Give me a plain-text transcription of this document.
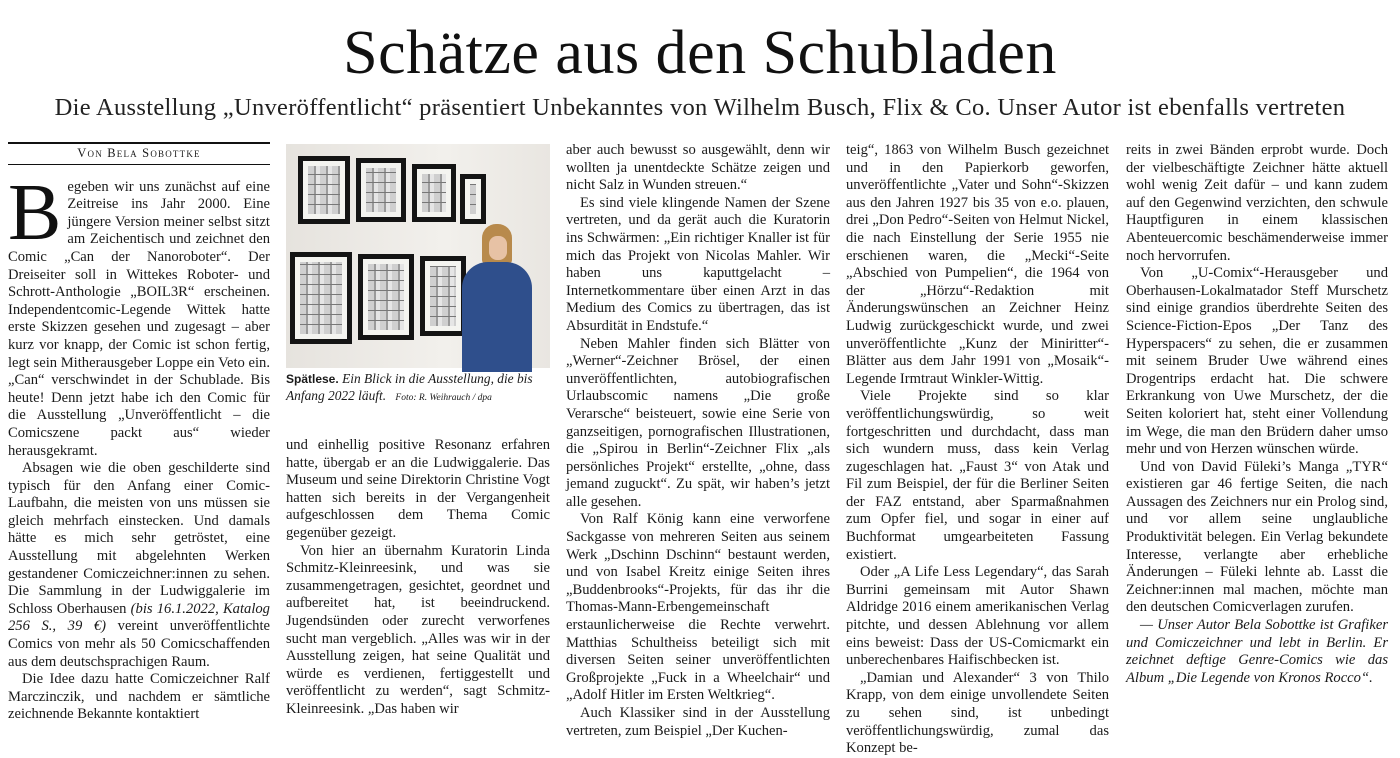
Schätze aus den Schubladen
Die Ausstellung „Unveröffentlicht“ präsentiert Unbekanntes von Wilhelm Busch, Flix & Co. Unser Autor ist ebenfalls vertreten
Von Bela Sobottke

Begeben wir uns zunächst auf eine Zeitreise ins Jahr 2000. Eine jüngere Version meiner selbst sitzt am Zeichentisch und zeichnet den Comic „Can der Nanoroboter“. Der Dreiseiter soll in Wittekes Roboter- und Schrott-Anthologie „BOIL3R“ erscheinen. Independentcomic-Legende Wittek hatte erste Skizzen gesehen und zugesagt – aber kurz vor knapp, der Comic ist schon fertig, legt sein Mitherausgeber Loppe ein Veto ein. „Can“ verschwindet in der Schublade. Bis heute! Denn jetzt habe ich den Comic für die Ausstellung „Unveröffentlicht – die Comicszene packt aus“ wieder herausgekramt.

Absagen wie die oben geschilderte sind typisch für den Anfang einer Comic-Laufbahn, die meisten von uns müssen sie gleich mehrfach einstecken. Und damals hätte es mich sehr getröstet, eine Ausstellung mit abgelehnten Werken gestandener Comiczeichner:innen zu sehen. Die Sammlung in der Ludwiggalerie im Schloss Oberhausen (bis 16.1.2022, Katalog 256 S., 39 €) vereint unveröffentlichte Comics von mehr als 50 Comicschaffenden aus dem deutschsprachigen Raum.

Die Idee dazu hatte Comiczeichner Ralf Marczinczik, und nachdem er sämtliche zeichnende Bekannte kontaktiert

Spätlese. Ein Blick in die Ausstellung, die bis Anfang 2022 läuft. Foto: R. Weihrauch / dpa

und einhellig positive Resonanz erfahren hatte, übergab er an die Ludwiggalerie. Das Museum und seine Direktorin Christine Vogt hatten sich bereits in der Vergangenheit aufgeschlossen dem Thema Comic gegenüber gezeigt.

Von hier an übernahm Kuratorin Linda Schmitz-Kleinreesink, und was sie zusammengetragen, gesichtet, geordnet und aufbereitet hat, ist beeindruckend. Jugendsünden oder zurecht verworfenes sucht man vergeblich. „Alles was wir in der Ausstellung zeigen, hat seine Qualität und würde es verdienen, fertiggestellt und veröffentlicht zu werden“, sagt Schmitz-Kleinreesink. „Das haben wir

aber auch bewusst so ausgewählt, denn wir wollten ja unentdeckte Schätze zeigen und nicht Salz in Wunden streuen.“

Es sind viele klingende Namen der Szene vertreten, und da gerät auch die Kuratorin ins Schwärmen: „Ein richtiger Knaller ist für mich das Projekt von Nicolas Mahler. Wir haben uns kaputtgelacht – Internetkommentare über einen Arzt in das Medium des Comics zu übertragen, das ist Absurdität in Endstufe.“

Neben Mahler finden sich Blätter von „Werner“-Zeichner Brösel, der einen unveröffentlichten, autobiografischen Urlaubscomic namens „Die große Verarsche“ beisteuert, sowie eine Serie von ganzseitigen, pornografischen Illustrationen, die „Spirou in Berlin“-Zeichner Flix „als persönliches Projekt“ erstellte, „ohne, dass jemand zuguckt“. Zu spät, wir haben’s jetzt alle gesehen.

Von Ralf König kann eine verworfene Sackgasse von mehreren Seiten aus seinem Werk „Dschinn Dschinn“ bestaunt werden, und von Isabel Kreitz einige Seiten ihres „Buddenbrooks“-Projekts, für das ihr die Thomas-Mann-Erbengemeinschaft erstaunlicherweise die Rechte verwehrt. Matthias Schultheiss beteiligt sich mit diversen Seiten seiner unveröffentlichten Großprojekte „Fuck in a Wheelchair“ und „Adolf Hitler im Ersten Weltkrieg“.

Auch Klassiker sind in der Ausstellung vertreten, zum Beispiel „Der Kuchen-

teig“, 1863 von Wilhelm Busch gezeichnet und in den Papierkorb geworfen, unveröffentlichte „Vater und Sohn“-Skizzen aus den Jahren 1927 bis 35 von e.o. plauen, drei „Don Pedro“-Seiten von Helmut Nickel, die nach Einstellung der Serie 1955 nie erschienen waren, die „Mecki“-Seite „Abschied von Pumpelien“, die 1964 von der „Hörzu“-Redaktion mit Änderungswünschen an Zeichner Heinz Ludwig zurückgeschickt wurde, und zwei unveröffentlichte „Kunz der Miniritter“-Blätter aus dem Jahr 1991 von „Mosaik“-Legende Irmtraut Winkler-Wittig.

Viele Projekte sind so klar veröffentlichungswürdig, so weit fortgeschritten und durchdacht, dass man sich wundern muss, dass kein Verlag zugeschlagen hat. „Faust 3“ von Atak und Fil zum Beispiel, der für die Berliner Seiten der FAZ entstand, aber Sparmaßnahmen zum Opfer fiel, und sogar in einer auf Buchformat umgearbeiteten Fassung existiert.

Oder „A Life Less Legendary“, das Sarah Burrini gemeinsam mit Autor Shawn Aldridge 2016 einem amerikanischen Verlag pitchte, und dessen Ablehnung vor allem eins beweist: Dass der US-Comicmarkt ein unberechenbares Haifischbecken ist.

„Damian und Alexander“ 3 von Thilo Krapp, von dem einige unvollendete Seiten zu sehen sind, ist unbedingt veröffentlichungswürdig, zumal das Konzept be-

reits in zwei Bänden erprobt wurde. Doch der vielbeschäftigte Zeichner hätte aktuell wohl wenig Zeit dafür – und kann zudem auf den Gegenwind verzichten, den schwule Hauptfiguren in einem klassischen Abenteuercomic beschämenderweise immer noch hervorrufen.

Von „U-Comix“-Herausgeber und Oberhausen-Lokalmatador Steff Murschetz sind einige grandios überdrehte Seiten des Science-Fiction-Epos „Der Tanz des Hyperspacers“ zu sehen, die er zusammen mit seinem Bruder Uwe während eines Drogentrips erdacht hat. Die schwere Erkrankung von Uwe Murschetz, der die Seiten koloriert hat, steht einer Vollendung im Wege, die man den Brüdern daher umso mehr und von Herzen wünschen würde.

Und von David Füleki’s Manga „TYR“ existieren gar 46 fertige Seiten, die nach Aussagen des Zeichners nur ein Prolog sind, und vor allem seine unglaubliche Produktivität belegen. Ein Verlag bekundete Interesse, verlangte aber erhebliche Änderungen – Füleki lehnte ab. Lasst die Zeichner:innen mal machen, möchte man den deutschen Comicverlagen zurufen.

— Unser Autor Bela Sobottke ist Grafiker und Comiczeichner und lebt in Berlin. Er zeichnet deftige Genre-Comics wie das Album „Die Legende von Kronos Rocco“.
